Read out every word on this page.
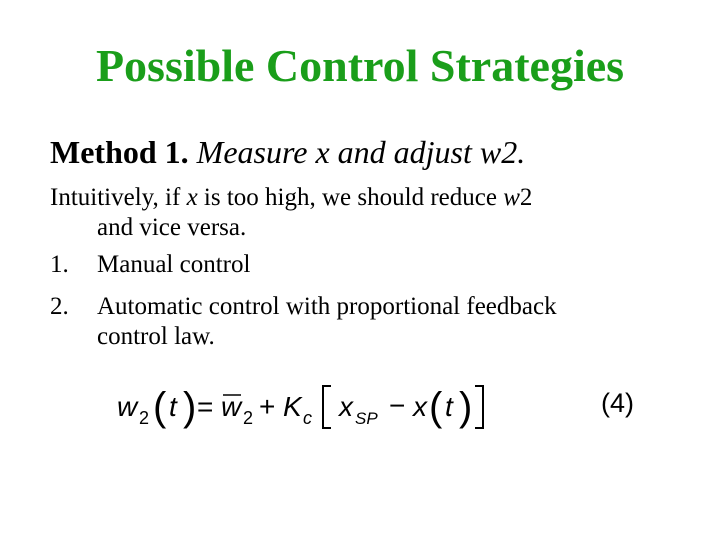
Possible Control Strategies
Method 1. Measure x and adjust w2.
Intuitively, if x is too high, we should reduce w2
and vice versa.
1. Manual control
2. Automatic control with proportional feedback
control law.
w 2 ( t ) = w 2 + K c x SP − x ( t )	(4)
